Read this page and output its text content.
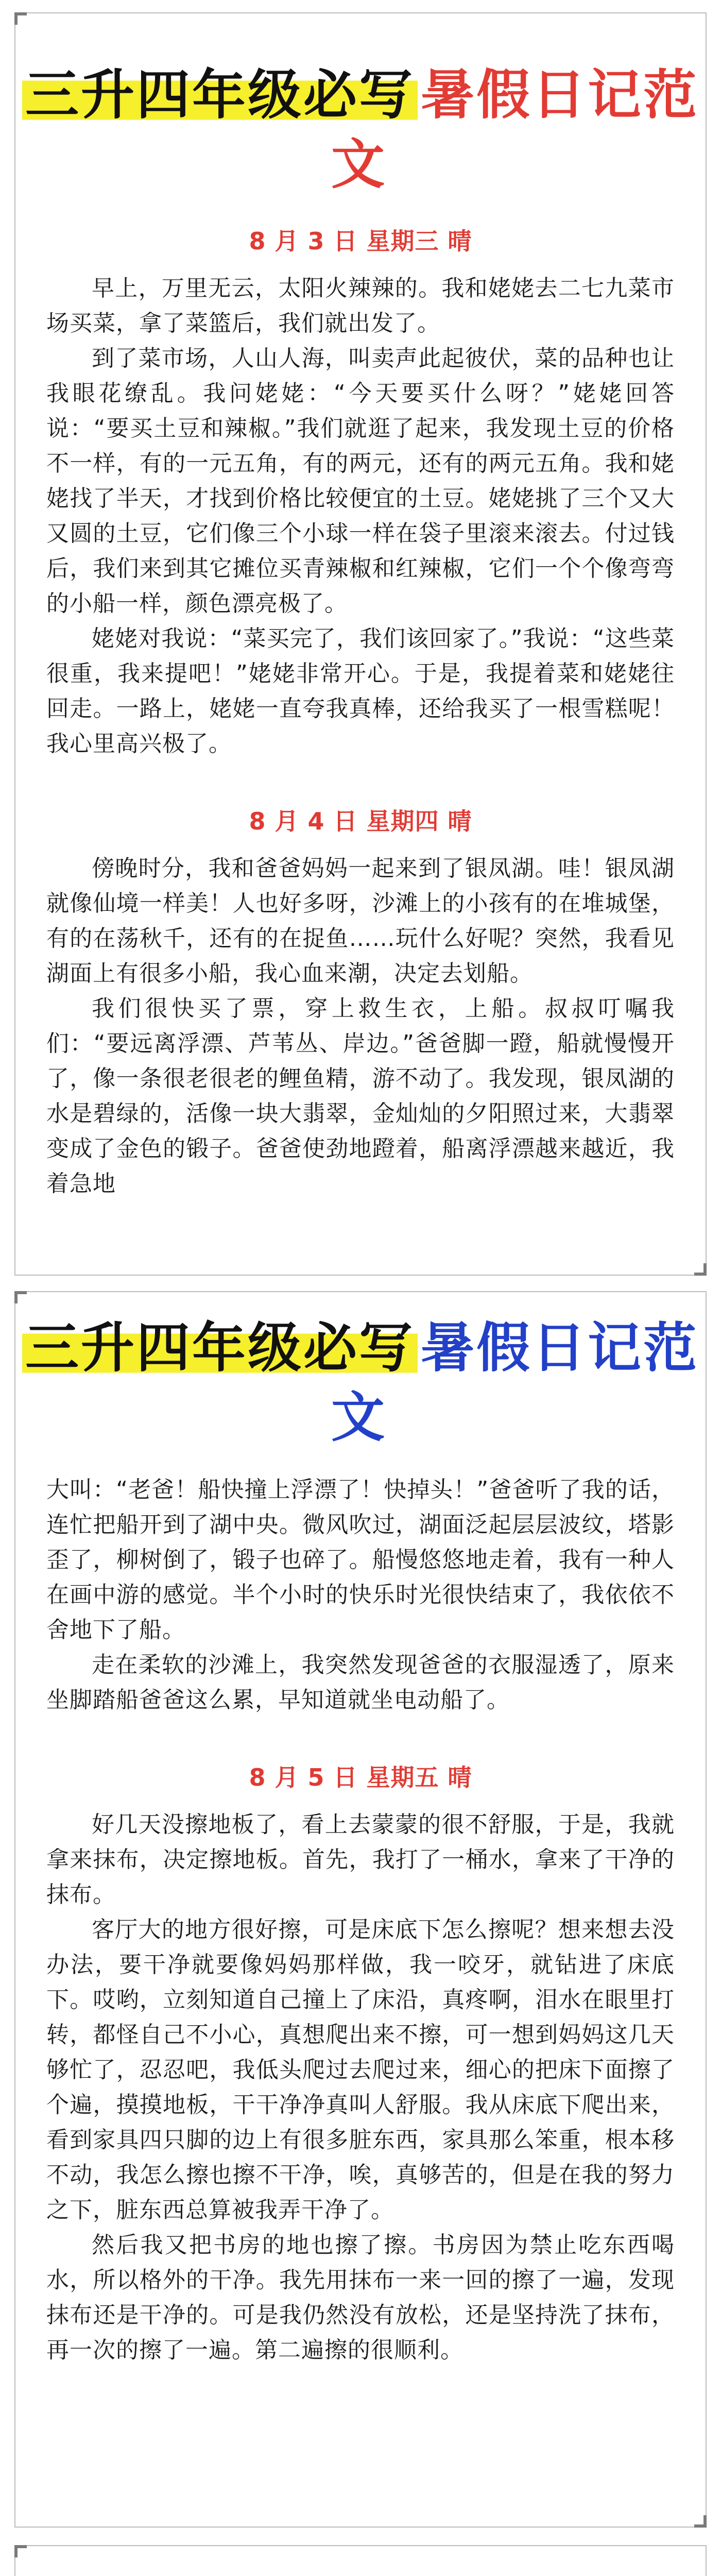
三升四年级必写 暑假日记范文
8 月 3 日 星期三 晴

早上，万里无云，太阳火辣辣的。我和姥姥去二七九菜市场买菜，拿了菜篮后，我们就出发了。

到了菜市场，人山人海，叫卖声此起彼伏，菜的品种也让我眼花缭乱。我问姥姥：“今天要买什么呀？”姥姥回答说：“要买土豆和辣椒。”我们就逛了起来，我发现土豆的价格不一样，有的一元五角，有的两元，还有的两元五角。我和姥姥找了半天，才找到价格比较便宜的土豆。姥姥挑了三个又大又圆的土豆，它们像三个小球一样在袋子里滚来滚去。付过钱后，我们来到其它摊位买青辣椒和红辣椒，它们一个个像弯弯的小船一样，颜色漂亮极了。

姥姥对我说：“菜买完了，我们该回家了。”我说：“这些菜很重，我来提吧！”姥姥非常开心。于是，我提着菜和姥姥往回走。一路上，姥姥一直夸我真棒，还给我买了一根雪糕呢！我心里高兴极了。

8 月 4 日 星期四 晴

傍晚时分，我和爸爸妈妈一起来到了银凤湖。哇！银凤湖就像仙境一样美！人也好多呀，沙滩上的小孩有的在堆城堡，有的在荡秋千，还有的在捉鱼……玩什么好呢？突然，我看见湖面上有很多小船，我心血来潮，决定去划船。

我们很快买了票，穿上救生衣，上船。叔叔叮嘱我们：“要远离浮漂、芦苇丛、岸边。”爸爸脚一蹬，船就慢慢开了，像一条很老很老的鲤鱼精，游不动了。我发现，银凤湖的水是碧绿的，活像一块大翡翠，金灿灿的夕阳照过来，大翡翠变成了金色的锻子。爸爸使劲地蹬着，船离浮漂越来越近，我着急地

三升四年级必写 暑假日记范文

大叫：“老爸！船快撞上浮漂了！快掉头！”爸爸听了我的话，连忙把船开到了湖中央。微风吹过，湖面泛起层层波纹，塔影歪了，柳树倒了，锻子也碎了。船慢悠悠地走着，我有一种人在画中游的感觉。半个小时的快乐时光很快结束了，我依依不舍地下了船。

走在柔软的沙滩上，我突然发现爸爸的衣服湿透了，原来坐脚踏船爸爸这么累，早知道就坐电动船了。

8 月 5 日 星期五 晴

好几天没擦地板了，看上去蒙蒙的很不舒服，于是，我就拿来抹布，决定擦地板。首先，我打了一桶水，拿来了干净的抹布。

客厅大的地方很好擦，可是床底下怎么擦呢？想来想去没办法，要干净就要像妈妈那样做，我一咬牙，就钻进了床底下。哎哟，立刻知道自己撞上了床沿，真疼啊，泪水在眼里打转，都怪自己不小心，真想爬出来不擦，可一想到妈妈这几天够忙了，忍忍吧，我低头爬过去爬过来，细心的把床下面擦了个遍，摸摸地板，干干净净真叫人舒服。我从床底下爬出来，看到家具四只脚的边上有很多脏东西，家具那么笨重，根本移不动，我怎么擦也擦不干净，唉，真够苦的，但是在我的努力之下，脏东西总算被我弄干净了。

然后我又把书房的地也擦了擦。书房因为禁止吃东西喝水，所以格外的干净。我先用抹布一来一回的擦了一遍，发现抹布还是干净的。可是我仍然没有放松，还是坚持洗了抹布，再一次的擦了一遍。第二遍擦的很顺利。
